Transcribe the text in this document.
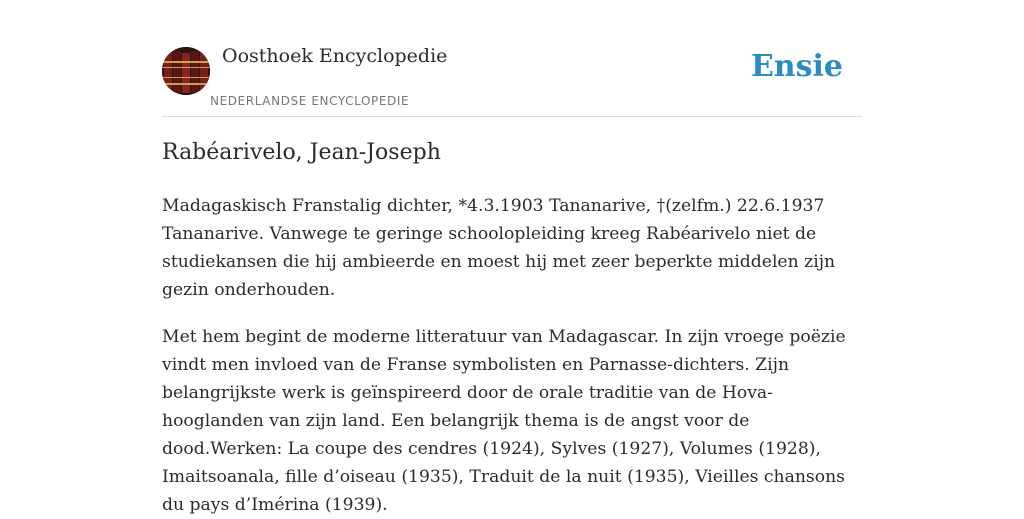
Oosthoek Encyclopedie
NEDERLANDSE ENCYCLOPEDIE
Ensie
Rabéarivelo, Jean-Joseph

Madagaskisch Franstalig dichter, *4.3.1903 Tananarive, †(zelfm.) 22.6.1937 Tananarive. Vanwege te geringe schoolopleiding kreeg Rabéarivelo niet de studiekansen die hij ambieerde en moest hij met zeer beperkte middelen zijn gezin onderhouden.

Met hem begint de moderne litteratuur van Madagascar. In zijn vroege poëzie vindt men invloed van de Franse symbolisten en Parnasse-dichters. Zijn belangrijkste werk is geïnspireerd door de orale traditie van de Hova-hooglanden van zijn land. Een belangrijk thema is de angst voor de dood.Werken: La coupe des cendres (1924), Sylves (1927), Volumes (1928), Imaitsoanala, fille d’oiseau (1935), Traduit de la nuit (1935), Vieilles chansons du pays d’Imérina (1939).
